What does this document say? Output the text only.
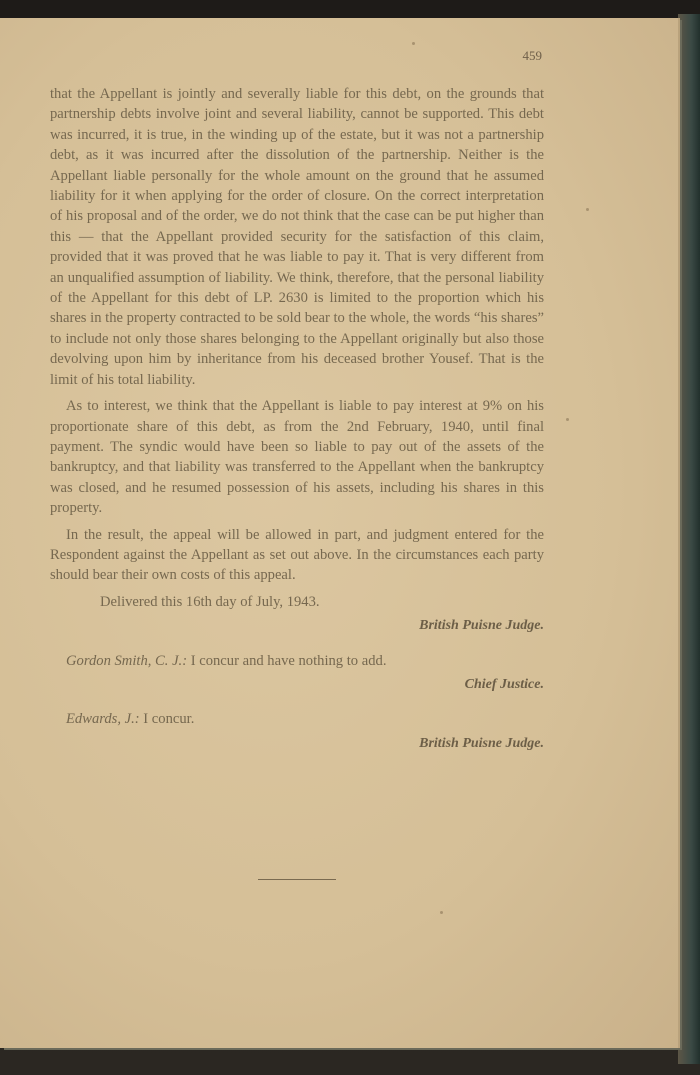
459

that the Appellant is jointly and severally liable for this debt, on the grounds that partnership debts involve joint and several liability, cannot be supported. This debt was incurred, it is true, in the winding up of the estate, but it was not a partnership debt, as it was incurred after the dissolution of the partnership. Neither is the Appellant liable personally for the whole amount on the ground that he assumed liability for it when applying for the order of closure. On the correct interpretation of his proposal and of the order, we do not think that the case can be put higher than this — that the Appellant provided security for the satisfaction of this claim, provided that it was proved that he was liable to pay it. That is very different from an unqualified assumption of liability. We think, therefore, that the personal liability of the Appellant for this debt of LP. 2630 is limited to the proportion which his shares in the property contracted to be sold bear to the whole, the words “his shares” to include not only those shares belonging to the Appellant originally but also those devolving upon him by inheritance from his deceased brother Yousef. That is the limit of his total liability.

As to interest, we think that the Appellant is liable to pay interest at 9% on his proportionate share of this debt, as from the 2nd February, 1940, until final payment. The syndic would have been so liable to pay out of the assets of the bankruptcy, and that liability was transferred to the Appellant when the bankruptcy was closed, and he resumed possession of his assets, including his shares in this property.

In the result, the appeal will be allowed in part, and judgment entered for the Respondent against the Appellant as set out above. In the circumstances each party should bear their own costs of this appeal.

Delivered this 16th day of July, 1943.

British Puisne Judge.

Gordon Smith, C. J.: I concur and have nothing to add.

Chief Justice.

Edwards, J.: I concur.

British Puisne Judge.
